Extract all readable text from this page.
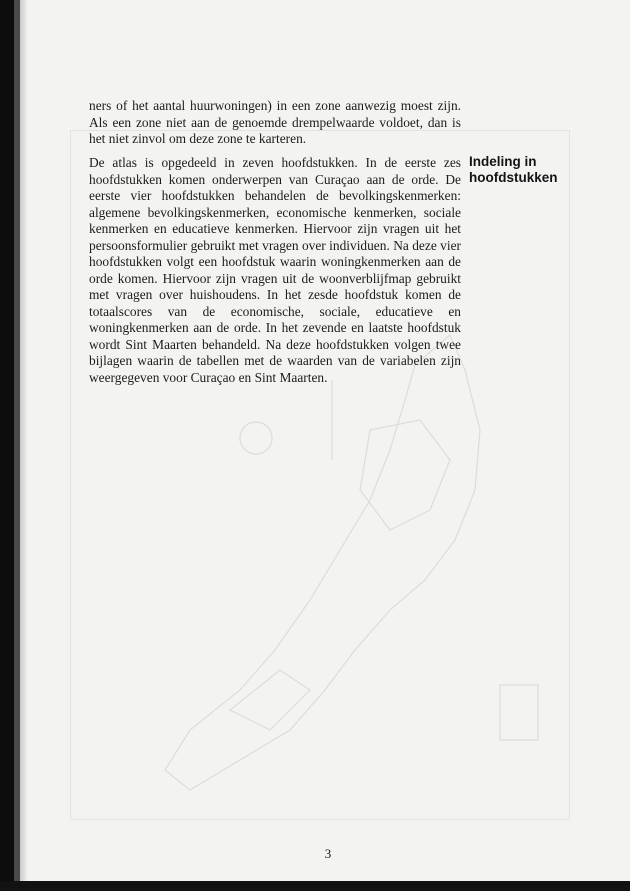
ners of het aantal huurwoningen) in een zone aanwezig moest zijn. Als een zone niet aan de genoemde drempelwaarde voldoet, dan is het niet zinvol om deze zone te karteren.

De atlas is opgedeeld in zeven hoofdstukken. In de eerste zes hoofdstukken komen onderwerpen van Curaçao aan de orde. De eerste vier hoofdstukken behandelen de bevolkingskenmerken: algemene bevolkingskenmerken, economische kenmerken, sociale kenmerken en educatieve kenmerken. Hiervoor zijn vragen uit het persoonsformulier gebruikt met vragen over individuen. Na deze vier hoofdstukken volgt een hoofdstuk waarin woningkenmerken aan de orde komen. Hiervoor zijn vragen uit de woonverblijfmap gebruikt met vragen over huishoudens. In het zesde hoofdstuk komen de totaalscores van de economische, sociale, educatieve en woningkenmerken aan de orde. In het zevende en laatste hoofdstuk wordt Sint Maarten behandeld. Na deze hoofdstukken volgen twee bijlagen waarin de tabellen met de waarden van de variabelen zijn weergegeven voor Curaçao en Sint Maarten.

Indeling in
hoofdstukken
3
